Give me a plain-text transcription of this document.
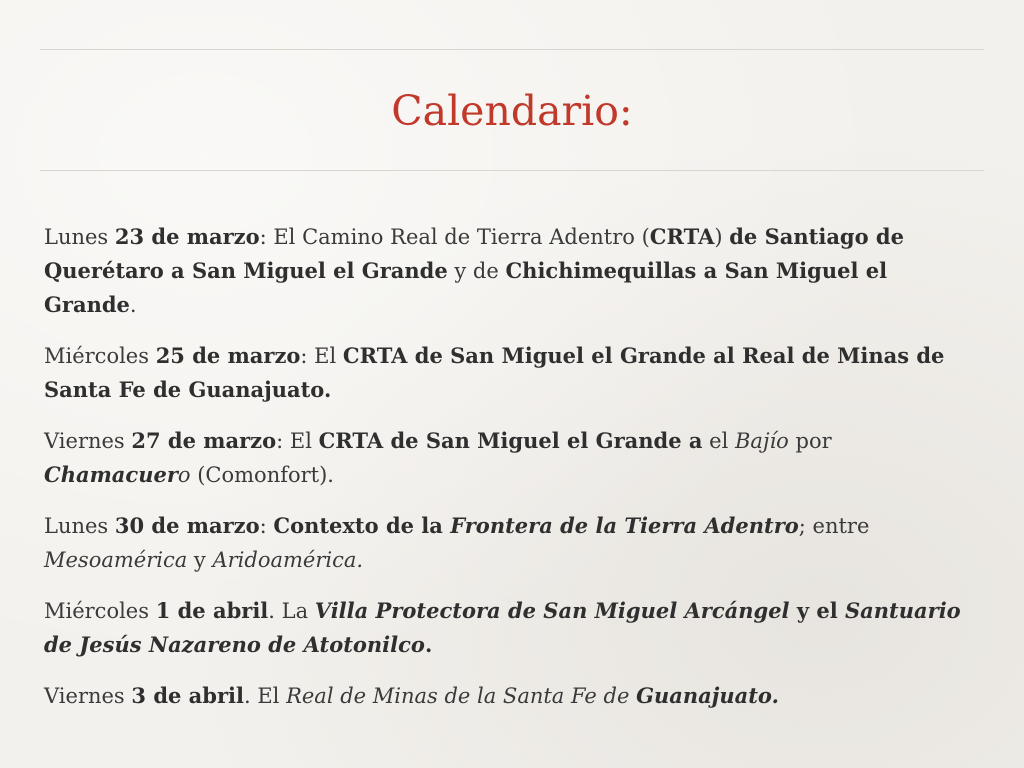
Calendario:

Lunes 23 de marzo: El Camino Real de Tierra Adentro (CRTA) de Santiago de Querétaro a San Miguel el Grande y de Chichimequillas a San Miguel el Grande.

Miércoles 25 de marzo: El CRTA de San Miguel el Grande al Real de Minas de Santa Fe de Guanajuato.

Viernes 27 de marzo: El CRTA de San Miguel el Grande a el Bajío por Chamacuero (Comonfort).

Lunes 30 de marzo: Contexto de la Frontera de la Tierra Adentro; entre Mesoamérica y Aridoamérica.

Miércoles 1 de abril. La Villa Protectora de San Miguel Arcángel y el Santuario de Jesús Nazareno de Atotonilco.

Viernes 3 de abril. El Real de Minas de la Santa Fe de Guanajuato.
